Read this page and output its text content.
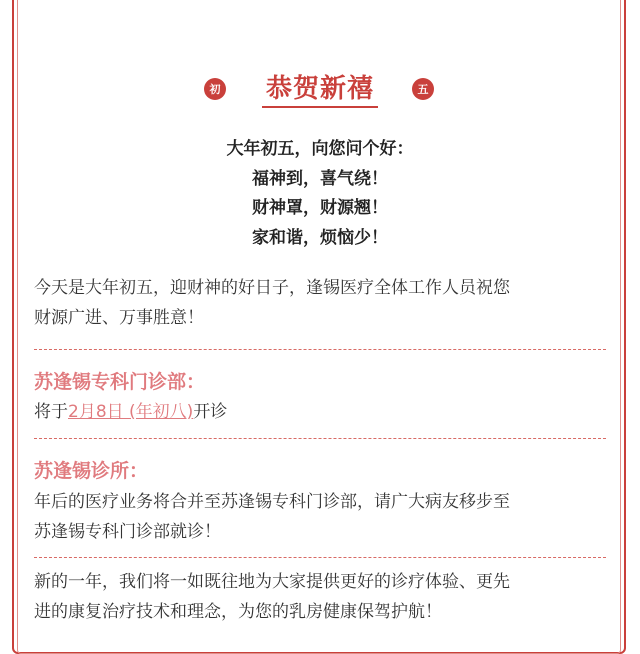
初	恭贺新禧	五
大年初五，向您问个好：
福神到，喜气绕！
财神罩，财源翘！
家和谐，烦恼少！
今天是大年初五，迎财神的好日子，逢锡医疗全体工作人员祝您
财源广进、万事胜意！
苏逢锡专科门诊部：
将于2月8日 (年初八)开诊
苏逢锡诊所：
年后的医疗业务将合并至苏逢锡专科门诊部，请广大病友移步至
苏逢锡专科门诊部就诊！
新的一年，我们将一如既往地为大家提供更好的诊疗体验、更先
进的康复治疗技术和理念，为您的乳房健康保驾护航！
